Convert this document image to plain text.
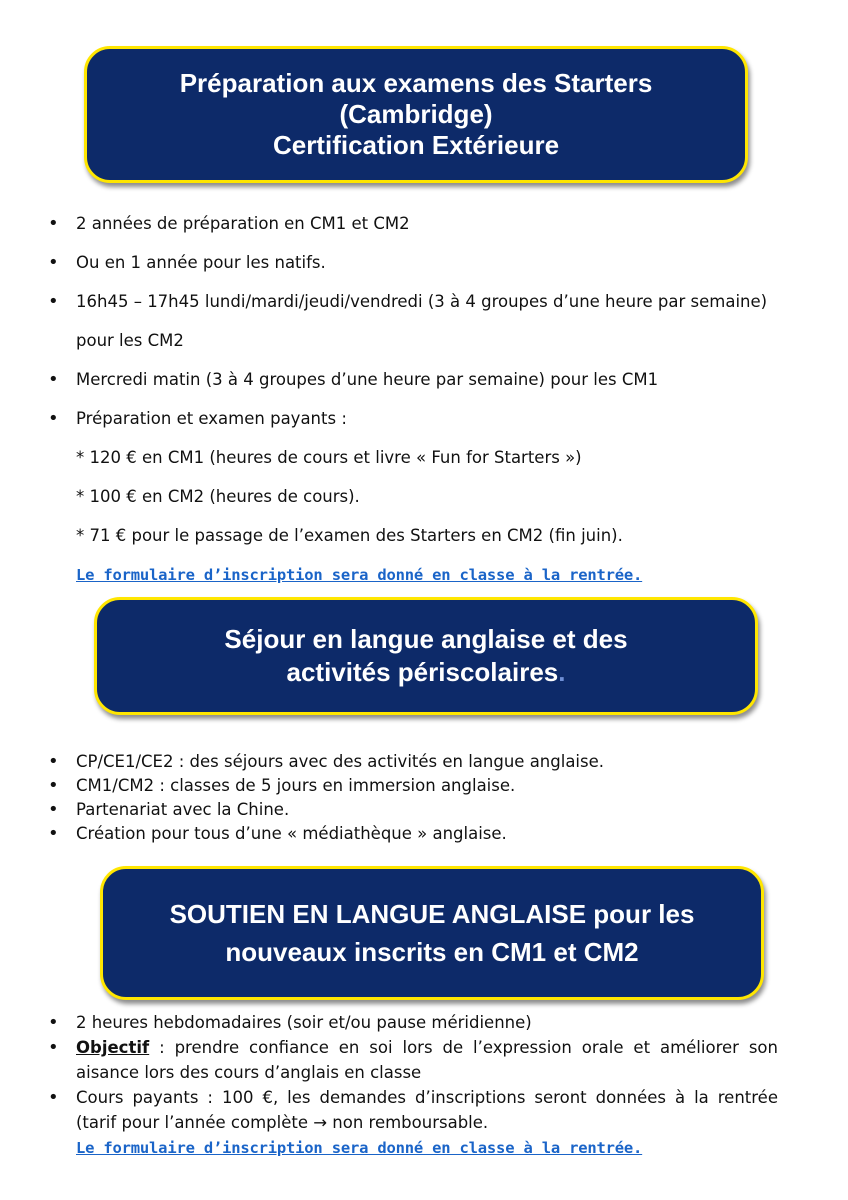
Préparation aux examens des Starters
(Cambridge)
Certification Extérieure
• 2 années de préparation en CM1 et CM2
• Ou en 1 année pour les natifs.
• 16h45 – 17h45 lundi/mardi/jeudi/vendredi (3 à 4 groupes d’une heure par semaine)
pour les CM2
• Mercredi matin (3 à 4 groupes d’une heure par semaine) pour les CM1
• Préparation et examen payants :
* 120 € en CM1 (heures de cours et livre « Fun for Starters »)
* 100 € en CM2 (heures de cours).
* 71 € pour le passage de l’examen des Starters en CM2 (fin juin).
Le formulaire d’inscription sera donné en classe à la rentrée.
Séjour en langue anglaise et des
activités périscolaires.
• CP/CE1/CE2 : des séjours avec des activités en langue anglaise.
• CM1/CM2 : classes de 5 jours en immersion anglaise.
• Partenariat avec la Chine.
• Création pour tous d’une « médiathèque » anglaise.
SOUTIEN EN LANGUE ANGLAISE pour les
nouveaux inscrits en CM1 et CM2
• 2 heures hebdomadaires (soir et/ou pause méridienne)
• Objectif : prendre confiance en soi lors de l’expression orale et améliorer son aisance lors des cours d’anglais en classe
• Cours payants : 100 €, les demandes d’inscriptions seront données à la rentrée (tarif pour l’année complète → non remboursable.
Le formulaire d’inscription sera donné en classe à la rentrée.
